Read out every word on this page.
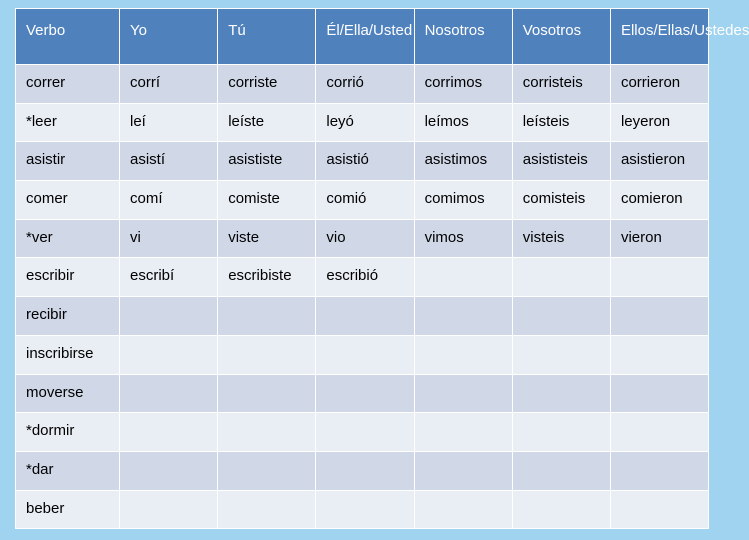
Verbo	Yo	Tú	Él/Ella/Usted	Nosotros	Vosotros	Ellos/Ellas/Ustedes
correr	corrí	corriste	corrió	corrimos	corristeis	corrieron
*leer	leí	leíste	leyó	leímos	leísteis	leyeron
asistir	asistí	asististe	asistió	asistimos	asististeis	asistieron
comer	comí	comiste	comió	comimos	comisteis	comieron
*ver	vi	viste	vio	vimos	visteis	vieron
escribir	escribí	escribiste	escribió			
recibir						
inscribirse						
moverse						
*dormir						
*dar						
beber						
